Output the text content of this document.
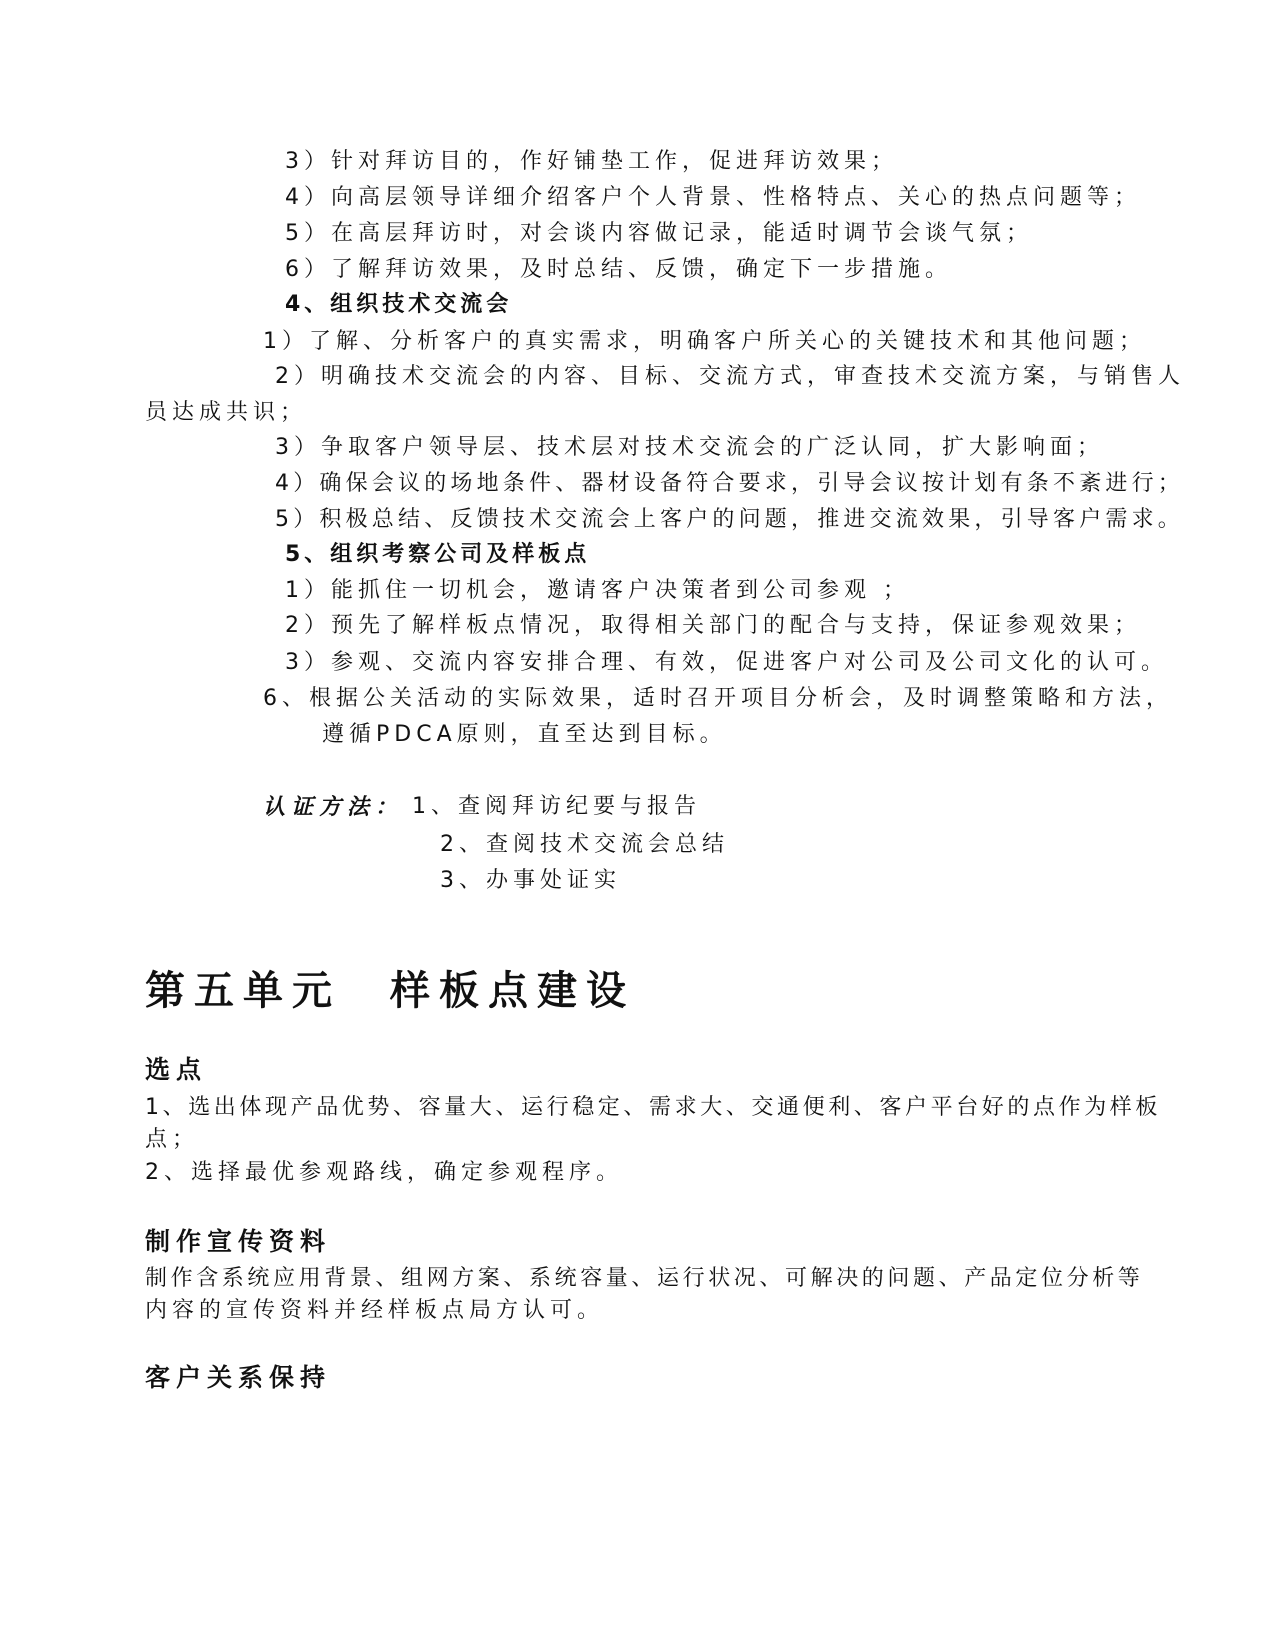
3）针对拜访目的，作好铺垫工作，促进拜访效果；
4）向高层领导详细介绍客户个人背景、性格特点、关心的热点问题等；
5）在高层拜访时，对会谈内容做记录，能适时调节会谈气氛；
6）了解拜访效果，及时总结、反馈，确定下一步措施。
4、组织技术交流会
1）了解、分析客户的真实需求，明确客户所关心的关键技术和其他问题；
2）明确技术交流会的内容、目标、交流方式，审查技术交流方案，与销售人
员达成共识；
3）争取客户领导层、技术层对技术交流会的广泛认同，扩大影响面；
4）确保会议的场地条件、器材设备符合要求，引导会议按计划有条不紊进行；
5）积极总结、反馈技术交流会上客户的问题，推进交流效果，引导客户需求。
5、组织考察公司及样板点
1）能抓住一切机会，邀请客户决策者到公司参观 ；
2）预先了解样板点情况，取得相关部门的配合与支持，保证参观效果；
3）参观、交流内容安排合理、有效，促进客户对公司及公司文化的认可。
6、根据公关活动的实际效果，适时召开项目分析会，及时调整策略和方法，
遵循PDCA原则，直至达到目标。
认证方法： 1、查阅拜访纪要与报告
2、查阅技术交流会总结
3、办事处证实
第五单元　样板点建设
选点
1、选出体现产品优势、容量大、运行稳定、需求大、交通便利、客户平台好的点作为样板
点；
2、选择最优参观路线，确定参观程序。
制作宣传资料
制作含系统应用背景、组网方案、系统容量、运行状况、可解决的问题、产品定位分析等
内容的宣传资料并经样板点局方认可。
客户关系保持
